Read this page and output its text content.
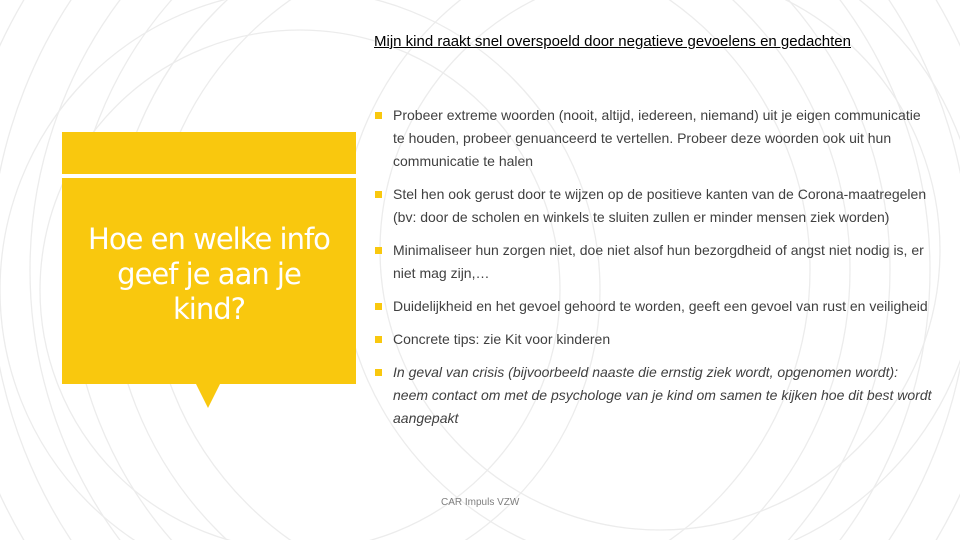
Hoe en welke info geef je aan je kind?
Mijn kind raakt snel overspoeld door negatieve gevoelens en gedachten
Probeer extreme woorden (nooit, altijd, iedereen, niemand) uit je eigen communicatie te houden, probeer genuanceerd te vertellen. Probeer deze woorden ook uit hun communicatie te halen
Stel hen ook gerust door te wijzen op de positieve kanten van de Corona-maatregelen (bv: door de scholen en winkels te sluiten zullen er minder mensen ziek worden)
Minimaliseer hun zorgen niet, doe niet alsof hun bezorgdheid of angst niet nodig is, er niet mag zijn,…
Duidelijkheid en het gevoel gehoord te worden, geeft een gevoel van rust en veiligheid
Concrete tips: zie Kit voor kinderen
In geval van crisis (bijvoorbeeld naaste die ernstig ziek wordt, opgenomen wordt): neem contact om met de psychologe van je kind om samen te kijken hoe dit best wordt aangepakt
CAR Impuls VZW
